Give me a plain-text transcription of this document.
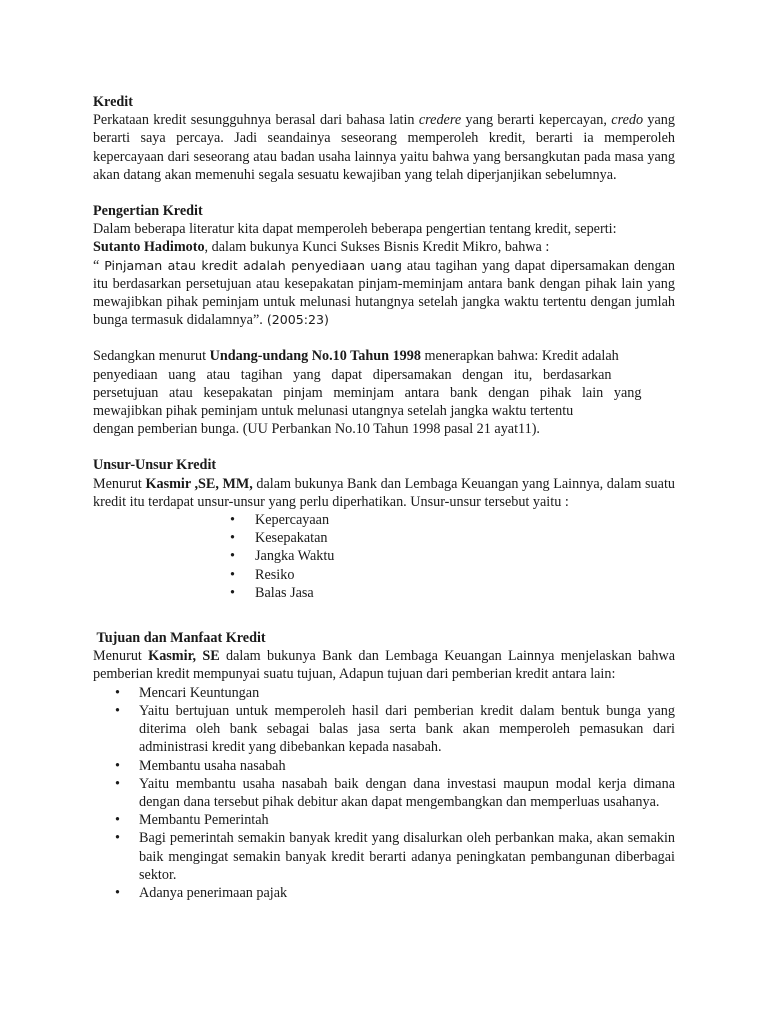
Kredit

Perkataan kredit sesungguhnya berasal dari bahasa latin credere yang berarti kepercayan, credo yang berarti saya percaya. Jadi seandainya seseorang memperoleh kredit, berarti ia memperoleh kepercayaan dari seseorang atau badan usaha lainnya yaitu bahwa yang bersangkutan pada masa yang akan datang akan memenuhi segala sesuatu kewajiban yang telah diperjanjikan sebelumnya.

Pengertian Kredit

Dalam beberapa literatur kita dapat memperoleh beberapa pengertian tentang kredit, seperti:

Sutanto Hadimoto, dalam bukunya Kunci Sukses Bisnis Kredit Mikro, bahwa :

“ Pinjaman atau kredit adalah penyediaan uang atau tagihan yang dapat dipersamakan dengan itu berdasarkan persetujuan atau kesepakatan pinjam-meminjam antara bank dengan pihak lain yang mewajibkan pihak peminjam untuk melunasi hutangnya setelah jangka waktu tertentu dengan jumlah bunga termasuk didalamnya”. (2005:23)

Sedangkan menurut Undang-undang No.10 Tahun 1998 menerapkan bahwa: Kredit adalah

penyediaan uang atau tagihan yang dapat dipersamakan dengan itu, berdasarkan

persetujuan atau kesepakatan pinjam meminjam antara bank dengan pihak lain yang

mewajibkan pihak peminjam untuk melunasi utangnya setelah jangka waktu tertentu

dengan pemberian bunga. (UU Perbankan No.10 Tahun 1998 pasal 21 ayat11).

Unsur-Unsur Kredit

Menurut Kasmir ,SE, MM, dalam bukunya Bank dan Lembaga Keuangan yang Lainnya, dalam suatu kredit itu terdapat unsur-unsur yang perlu diperhatikan. Unsur-unsur tersebut yaitu :

• Kepercayaan
• Kesepakatan
• Jangka Waktu
• Resiko
• Balas Jasa
Tujuan dan Manfaat Kredit

Menurut Kasmir, SE dalam bukunya Bank dan Lembaga Keuangan Lainnya menjelaskan bahwa pemberian kredit mempunyai suatu tujuan, Adapun tujuan dari pemberian kredit antara lain:

• Mencari Keuntungan
• Yaitu bertujuan untuk memperoleh hasil dari pemberian kredit dalam bentuk bunga yang diterima oleh bank sebagai balas jasa serta bank akan memperoleh pemasukan dari administrasi kredit yang dibebankan kepada nasabah.
• Membantu usaha nasabah
• Yaitu membantu usaha nasabah baik dengan dana investasi maupun modal kerja dimana dengan dana tersebut pihak debitur akan dapat mengembangkan dan memperluas usahanya.
• Membantu Pemerintah
• Bagi pemerintah semakin banyak kredit yang disalurkan oleh perbankan maka, akan semakin baik mengingat semakin banyak kredit berarti adanya peningkatan pembangunan diberbagai sektor.
• Adanya penerimaan pajak
